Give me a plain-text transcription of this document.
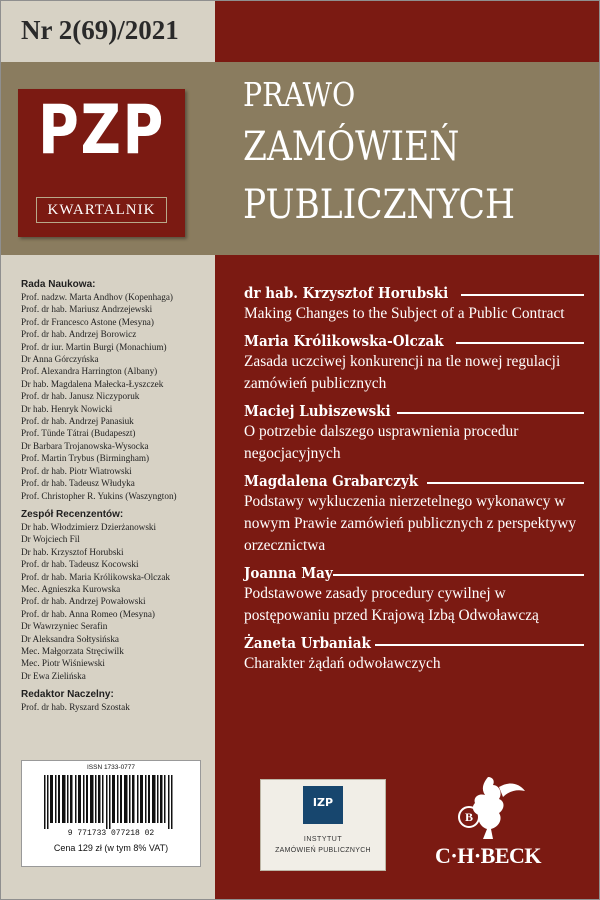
Nr 2(69)/2021
PZP
KWARTALNIK
PRAWO
ZAMÓWIEŃ
PUBLICZNYCH
Rada Naukowa:
Prof. nadzw. Marta Andhov (Kopenhaga)
Prof. dr hab. Mariusz Andrzejewski
Prof. dr Francesco Astone (Mesyna)
Prof. dr hab. Andrzej Borowicz
Prof. dr iur. Martin Burgi (Monachium)
Dr Anna Górczyńska
Prof. Alexandra Harrington (Albany)
Dr hab. Magdalena Małecka-Łyszczek
Prof. dr hab. Janusz Niczyporuk
Dr hab. Henryk Nowicki
Prof. dr hab. Andrzej Panasiuk
Prof. Tünde Tátrai (Budapeszt)
Dr Barbara Trojanowska-Wysocka
Prof. Martin Trybus (Birmingham)
Prof. dr hab. Piotr Wiatrowski
Prof. dr hab. Tadeusz Włudyka
Prof. Christopher R. Yukins (Waszyngton)
Zespół Recenzentów:
Dr hab. Włodzimierz Dzierżanowski
Dr Wojciech Fil
Dr hab. Krzysztof Horubski
Prof. dr hab. Tadeusz Kocowski
Prof. dr hab. Maria Królikowska-Olczak
Mec. Agnieszka Kurowska
Prof. dr hab. Andrzej Powałowski
Prof. dr hab. Anna Romeo (Mesyna)
Dr Wawrzyniec Serafin
Dr Aleksandra Sołtysińska
Mec. Małgorzata Stręciwilk
Mec. Piotr Wiśniewski
Dr Ewa Zielińska
Redaktor Naczelny:
Prof. dr hab. Ryszard Szostak
dr hab. Krzysztof Horubski
Making Changes to the Subject of a Public Contract
Maria Królikowska-Olczak
Zasada uczciwej konkurencji na tle nowej regulacji zamówień publicznych
Maciej Lubiszewski
O potrzebie dalszego usprawnienia procedur negocjacyjnych
Magdalena Grabarczyk
Podstawy wykluczenia nierzetelnego wykonawcy w nowym Prawie zamówień publicznych z perspektywy orzecznictwa
Joanna May
Podstawowe zasady procedury cywilnej w postępowaniu przed Krajową Izbą Odwoławczą
Żaneta Urbaniak
Charakter żądań odwoławczych
ISSN 1733-0777
9 771733 077218 02
Cena 129 zł (w tym 8% VAT)
IZP
INSTYTUT
ZAMÓWIEŃ PUBLICZNYCH
B
C·H·BECK
